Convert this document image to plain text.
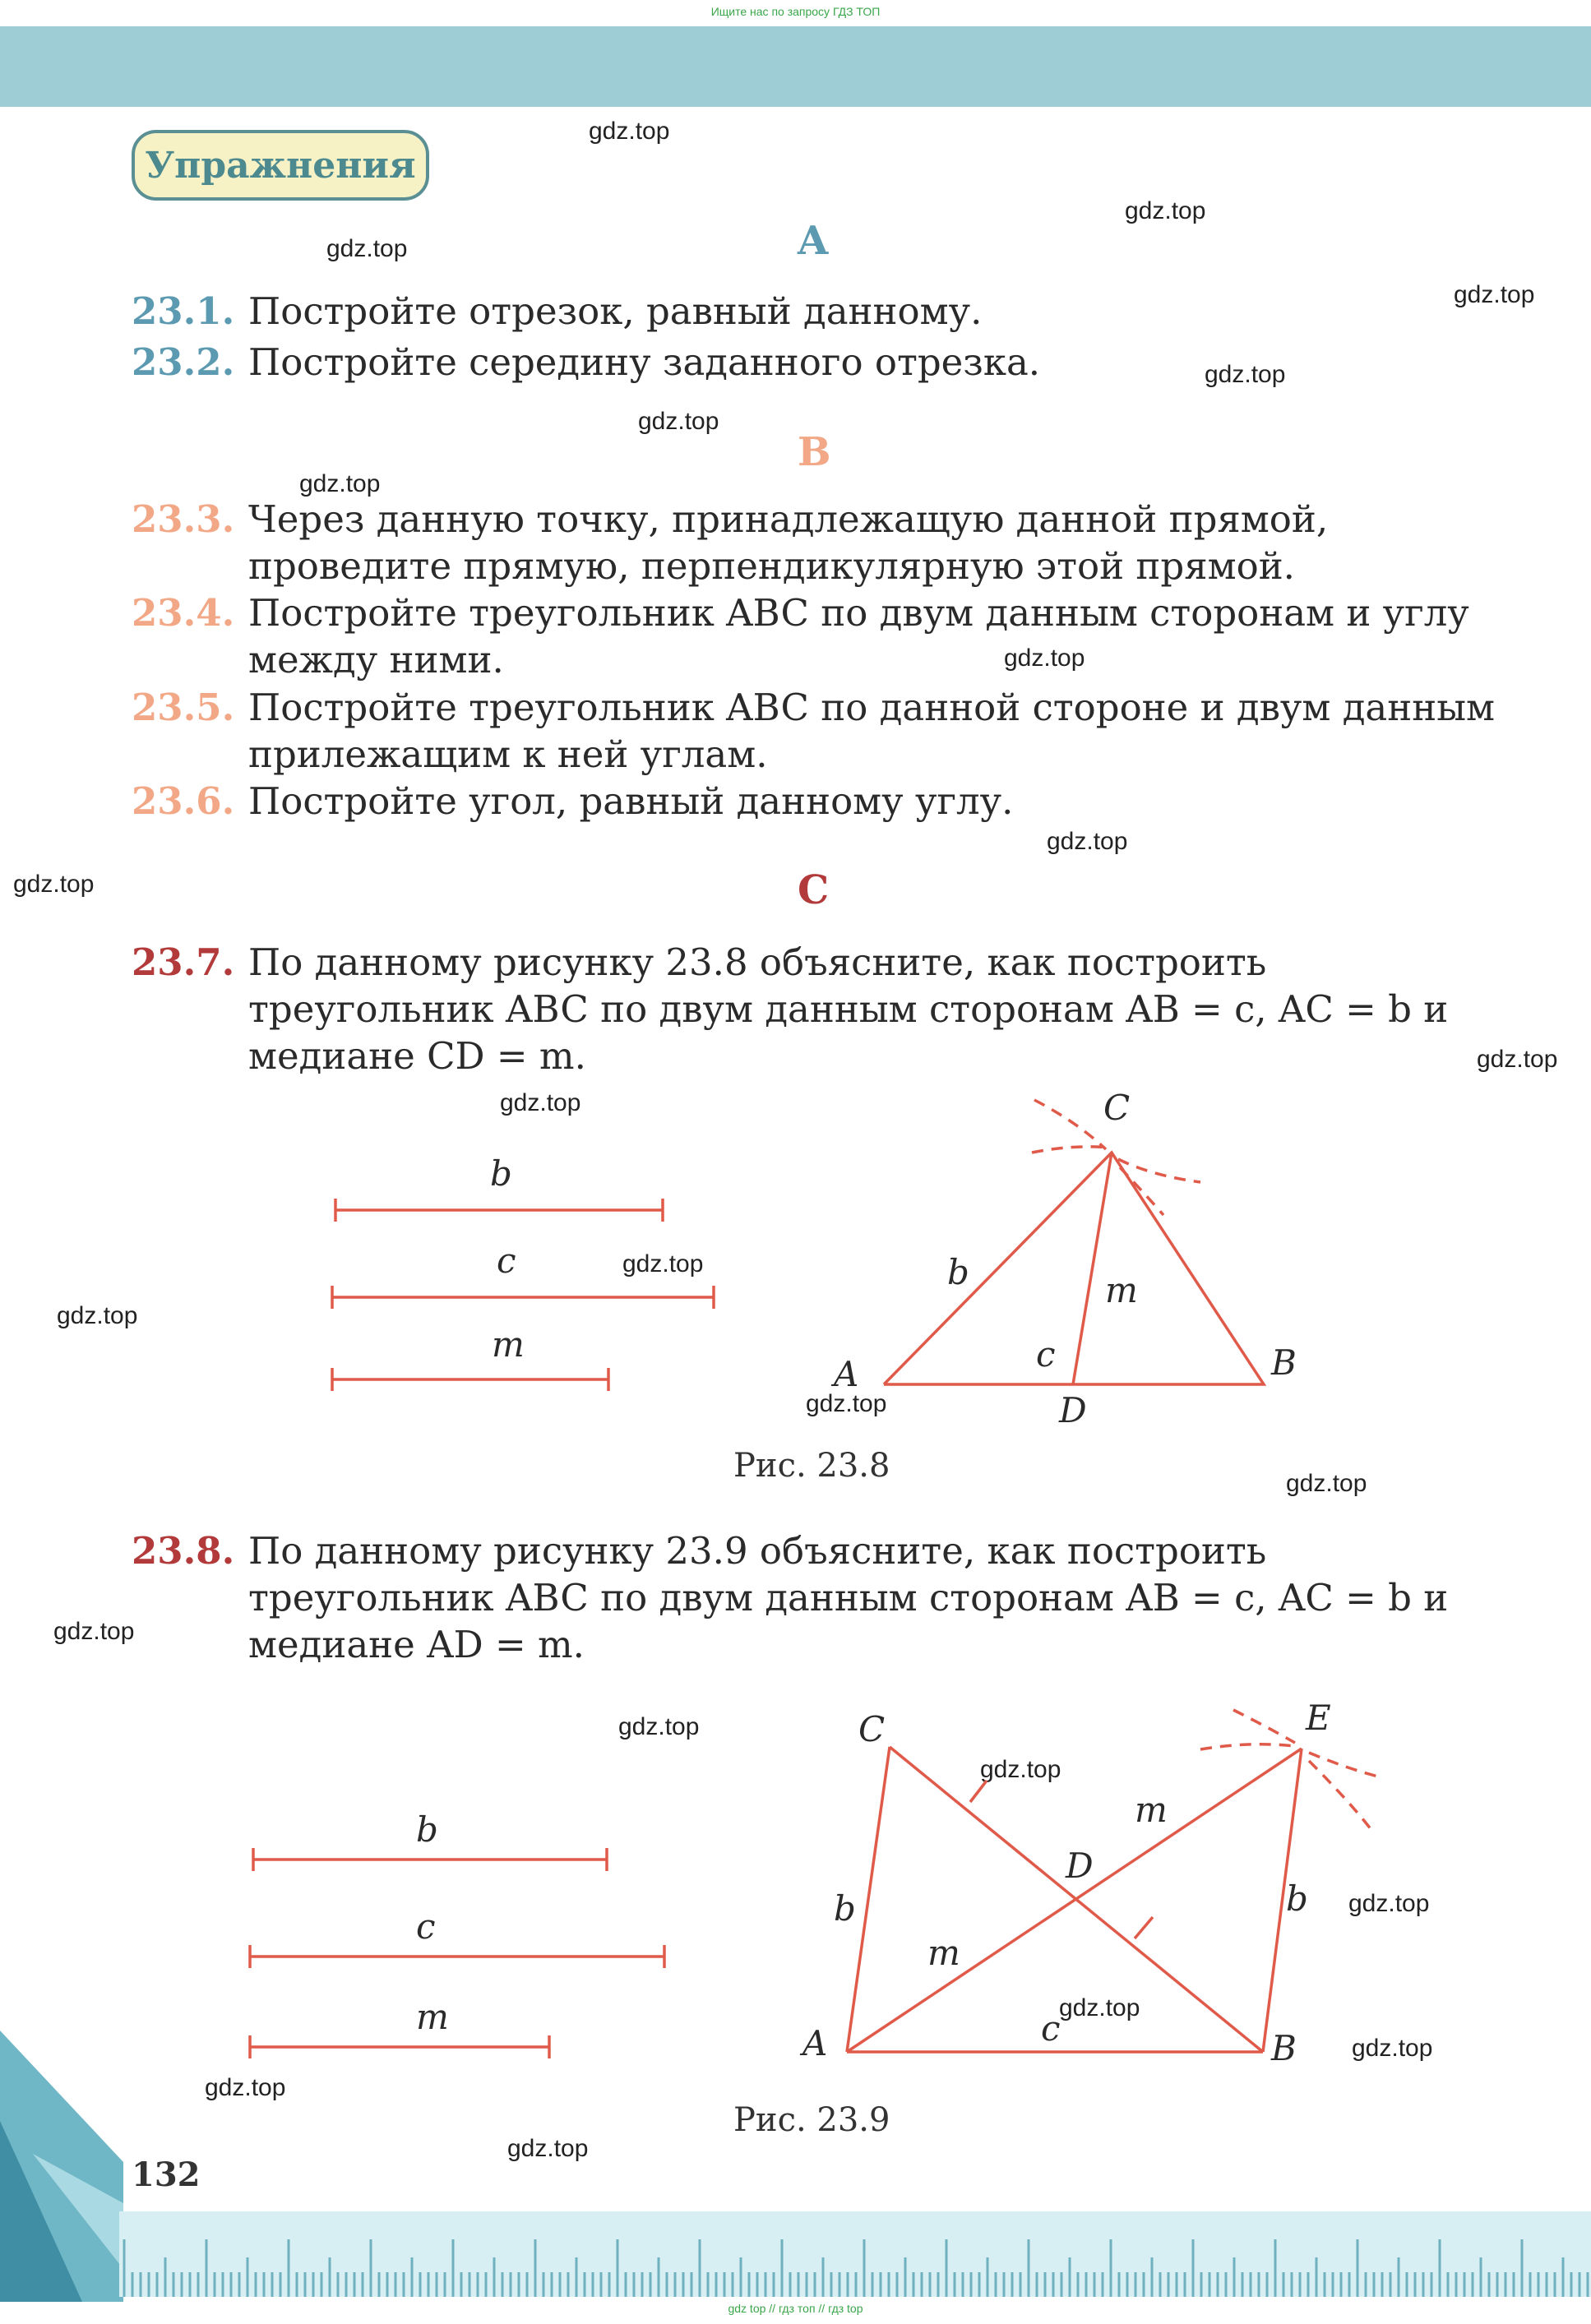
Ищите нас по запросу ГДЗ ТОП
Упражнения
gdz.top
gdz.top
gdz.top
gdz.top
gdz.top
gdz.top
gdz.top
gdz.top
gdz.top
gdz.top
gdz.top
gdz.top
gdz.top
gdz.top
gdz.top
gdz.top
gdz.top
gdz.top
gdz.top
gdz.top
gdz.top
gdz.top
gdz.top
gdz.top
A
23.1. Постройте отрезок, равный данному.
23.2. Постройте середину заданного отрезка.
B
23.3. Через данную точку, принадлежащую данной прямой, проведите прямую, перпендикулярную этой прямой.
23.4. Постройте треугольник ABC по двум данным сторонам и углу между ними.
23.5. Постройте треугольник ABC по данной стороне и двум данным прилежащим к ней углам.
23.6. Постройте угол, равный данному углу.
C
23.7. По данному рисунку 23.8 объясните, как построить треугольник ABC по двум данным сторонам AB = c, AC = b и медиане CD = m.
b
c
m
C
A	B
D
b	m
c
Рис. 23.8
23.8. По данному рисунку 23.9 объясните, как построить треугольник ABC по двум данным сторонам AB = c, AC = b и медиане AD = m.
b
c
m
C	E
D
A	B
m
b
b
m
c
Рис. 23.9
132
gdz top // гдз топ // гдз top
